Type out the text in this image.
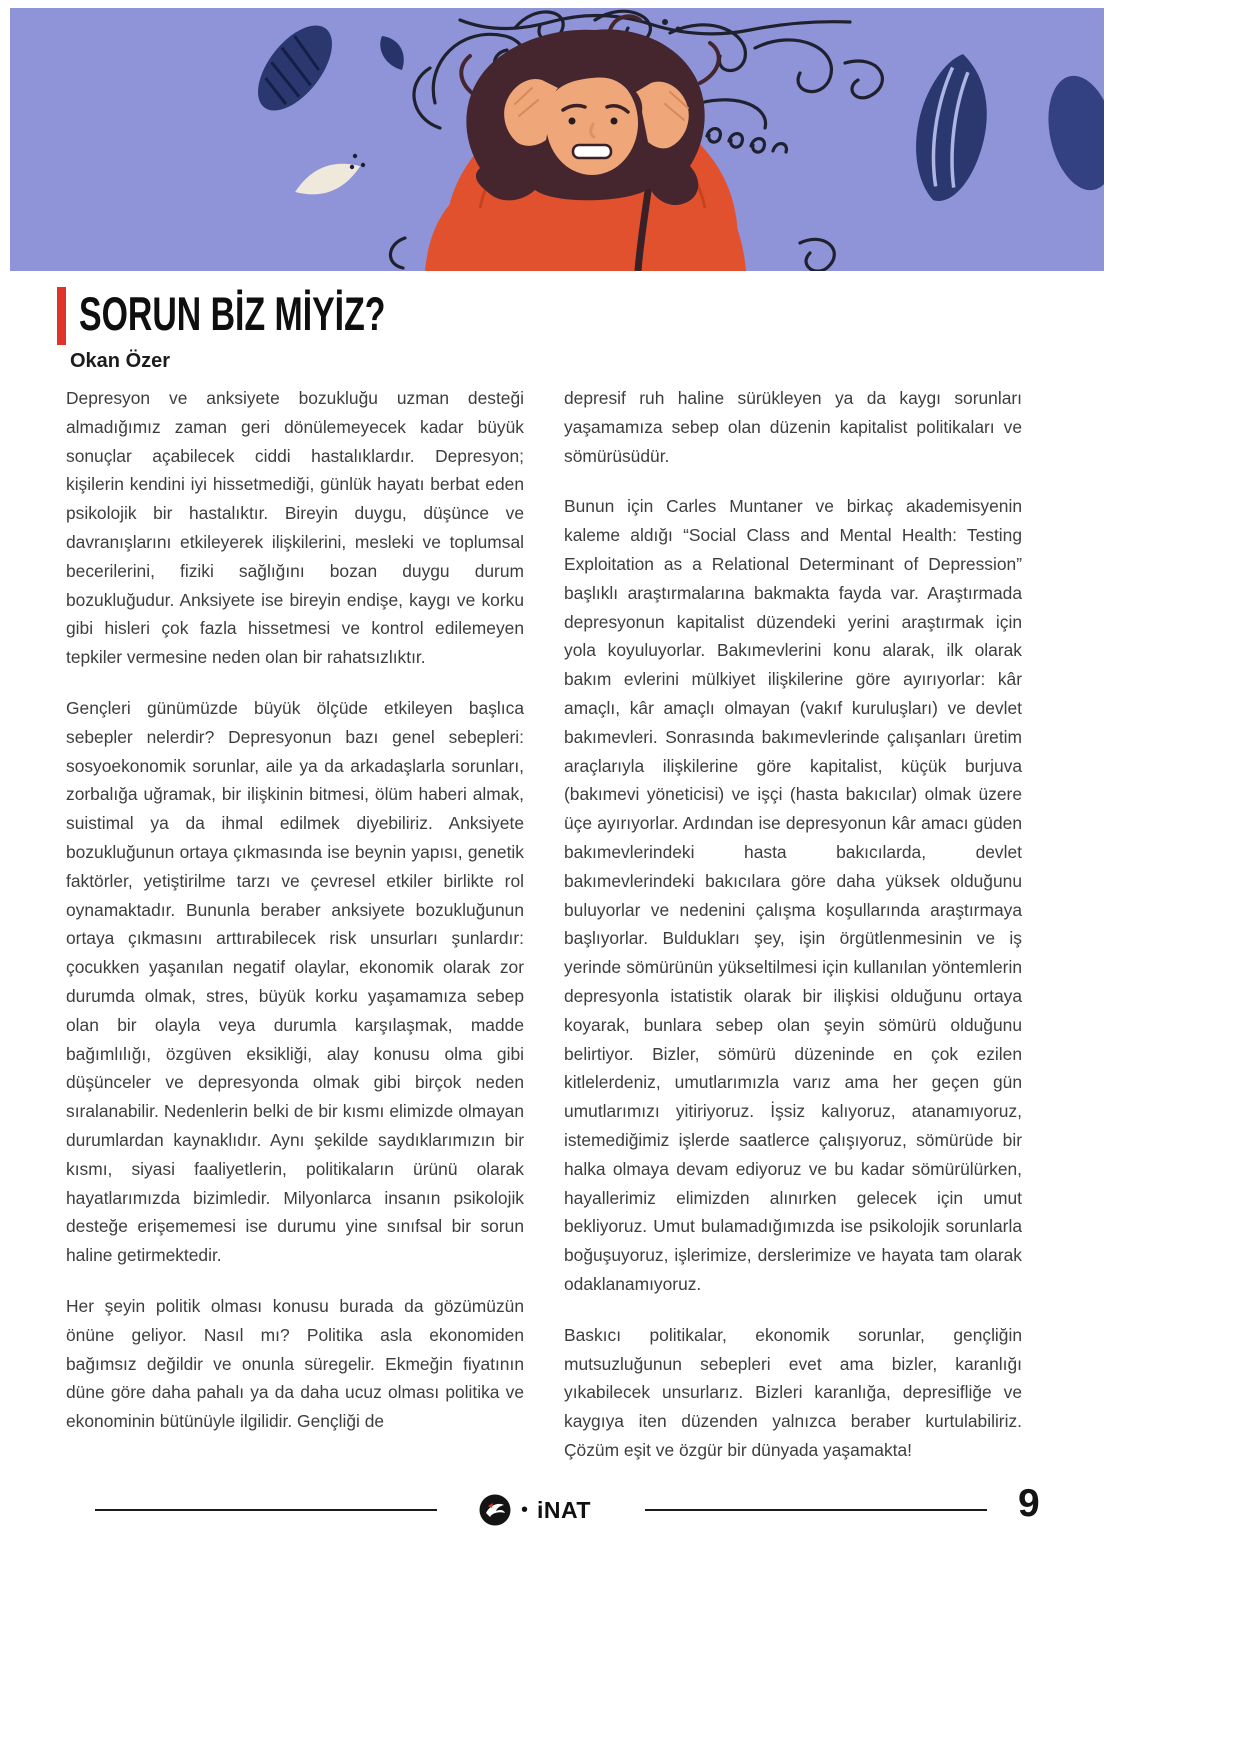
SORUN BİZ MİYİZ?
Okan Özer

Depresyon ve anksiyete bozukluğu uzman desteği almadığımız zaman geri dönülemeyecek kadar büyük sonuçlar açabilecek ciddi hastalıklardır. Depresyon; kişilerin kendini iyi hissetmediği, günlük hayatı berbat eden psikolojik bir hastalıktır. Bireyin duygu, düşünce ve davranışlarını etkileyerek ilişkilerini, mesleki ve toplumsal becerilerini, fiziki sağlığını bozan duygu durum bozukluğudur. Anksiyete ise bireyin endişe, kaygı ve korku gibi hisleri çok fazla hissetmesi ve kontrol edilemeyen tepkiler vermesine neden olan bir rahatsızlıktır.

Gençleri günümüzde büyük ölçüde etkileyen başlıca sebepler nelerdir? Depresyonun bazı genel sebepleri: sosyoekonomik sorunlar, aile ya da arkadaşlarla sorunları, zorbalığa uğramak, bir ilişkinin bitmesi, ölüm haberi almak, suistimal ya da ihmal edilmek diyebiliriz. Anksiyete bozukluğunun ortaya çıkmasında ise beynin yapısı, genetik faktörler, yetiştirilme tarzı ve çevresel etkiler birlikte rol oynamaktadır. Bununla beraber anksiyete bozukluğunun ortaya çıkmasını arttırabilecek risk unsurları şunlardır: çocukken yaşanılan negatif olaylar, ekonomik olarak zor durumda olmak, stres, büyük korku yaşamamıza sebep olan bir olayla veya durumla karşılaşmak, madde bağımlılığı, özgüven eksikliği, alay konusu olma gibi düşünceler ve depresyonda olmak gibi birçok neden sıralanabilir. Nedenlerin belki de bir kısmı elimizde olmayan durumlardan kaynaklıdır. Aynı şekilde saydıklarımızın bir kısmı, siyasi faaliyetlerin, politikaların ürünü olarak hayatlarımızda bizimledir. Milyonlarca insanın psikolojik desteğe erişememesi ise durumu yine sınıfsal bir sorun haline getirmektedir.

Her şeyin politik olması konusu burada da gözümüzün önüne geliyor. Nasıl mı? Politika asla ekonomiden bağımsız değildir ve onunla süregelir. Ekmeğin fiyatının düne göre daha pahalı ya da daha ucuz olması politika ve ekonominin bütünüyle ilgilidir. Gençliği de

depresif ruh haline sürükleyen ya da kaygı sorunları yaşamamıza sebep olan düzenin kapitalist politikaları ve sömürüsüdür.

Bunun için Carles Muntaner ve birkaç akademisyenin kaleme aldığı “Social Class and Mental Health: Testing Exploitation as a Relational Determinant of Depression” başlıklı araştırmalarına bakmakta fayda var. Araştırmada depresyonun kapitalist düzendeki yerini araştırmak için yola koyuluyorlar. Bakımevlerini konu alarak, ilk olarak bakım evlerini mülkiyet ilişkilerine göre ayırıyorlar: kâr amaçlı, kâr amaçlı olmayan (vakıf kuruluşları) ve devlet bakımevleri. Sonrasında bakımevlerinde çalışanları üretim araçlarıyla ilişkilerine göre kapitalist, küçük burjuva (bakımevi yöneticisi) ve işçi (hasta bakıcılar) olmak üzere üçe ayırıyorlar. Ardından ise depresyonun kâr amacı güden bakımevlerindeki hasta bakıcılarda, devlet bakımevlerindeki bakıcılara göre daha yüksek olduğunu buluyorlar ve nedenini çalışma koşullarında araştırmaya başlıyorlar. Buldukları şey, işin örgütlenmesinin ve iş yerinde sömürünün yükseltilmesi için kullanılan yöntemlerin depresyonla istatistik olarak bir ilişkisi olduğunu ortaya koyarak, bunlara sebep olan şeyin sömürü olduğunu belirtiyor. Bizler, sömürü düzeninde en çok ezilen kitlelerdeniz, umutlarımızla varız ama her geçen gün umutlarımızı yitiriyoruz. İşsiz kalıyoruz, atanamıyoruz, istemediğimiz işlerde saatlerce çalışıyoruz, sömürüde bir halka olmaya devam ediyoruz ve bu kadar sömürülürken, hayallerimiz elimizden alınırken gelecek için umut bekliyoruz. Umut bulamadığımızda ise psikolojik sorunlarla boğuşuyoruz, işlerimize, derslerimize ve hayata tam olarak odaklanamıyoruz.

Baskıcı politikalar, ekonomik sorunlar, gençliğin mutsuzluğunun sebepleri evet ama bizler, karanlığı yıkabilecek unsurlarız. Bizleri karanlığa, depresifliğe ve kaygıya iten düzenden yalnızca beraber kurtulabiliriz. Çözüm eşit ve özgür bir dünyada yaşamakta!

• iNAT	9
